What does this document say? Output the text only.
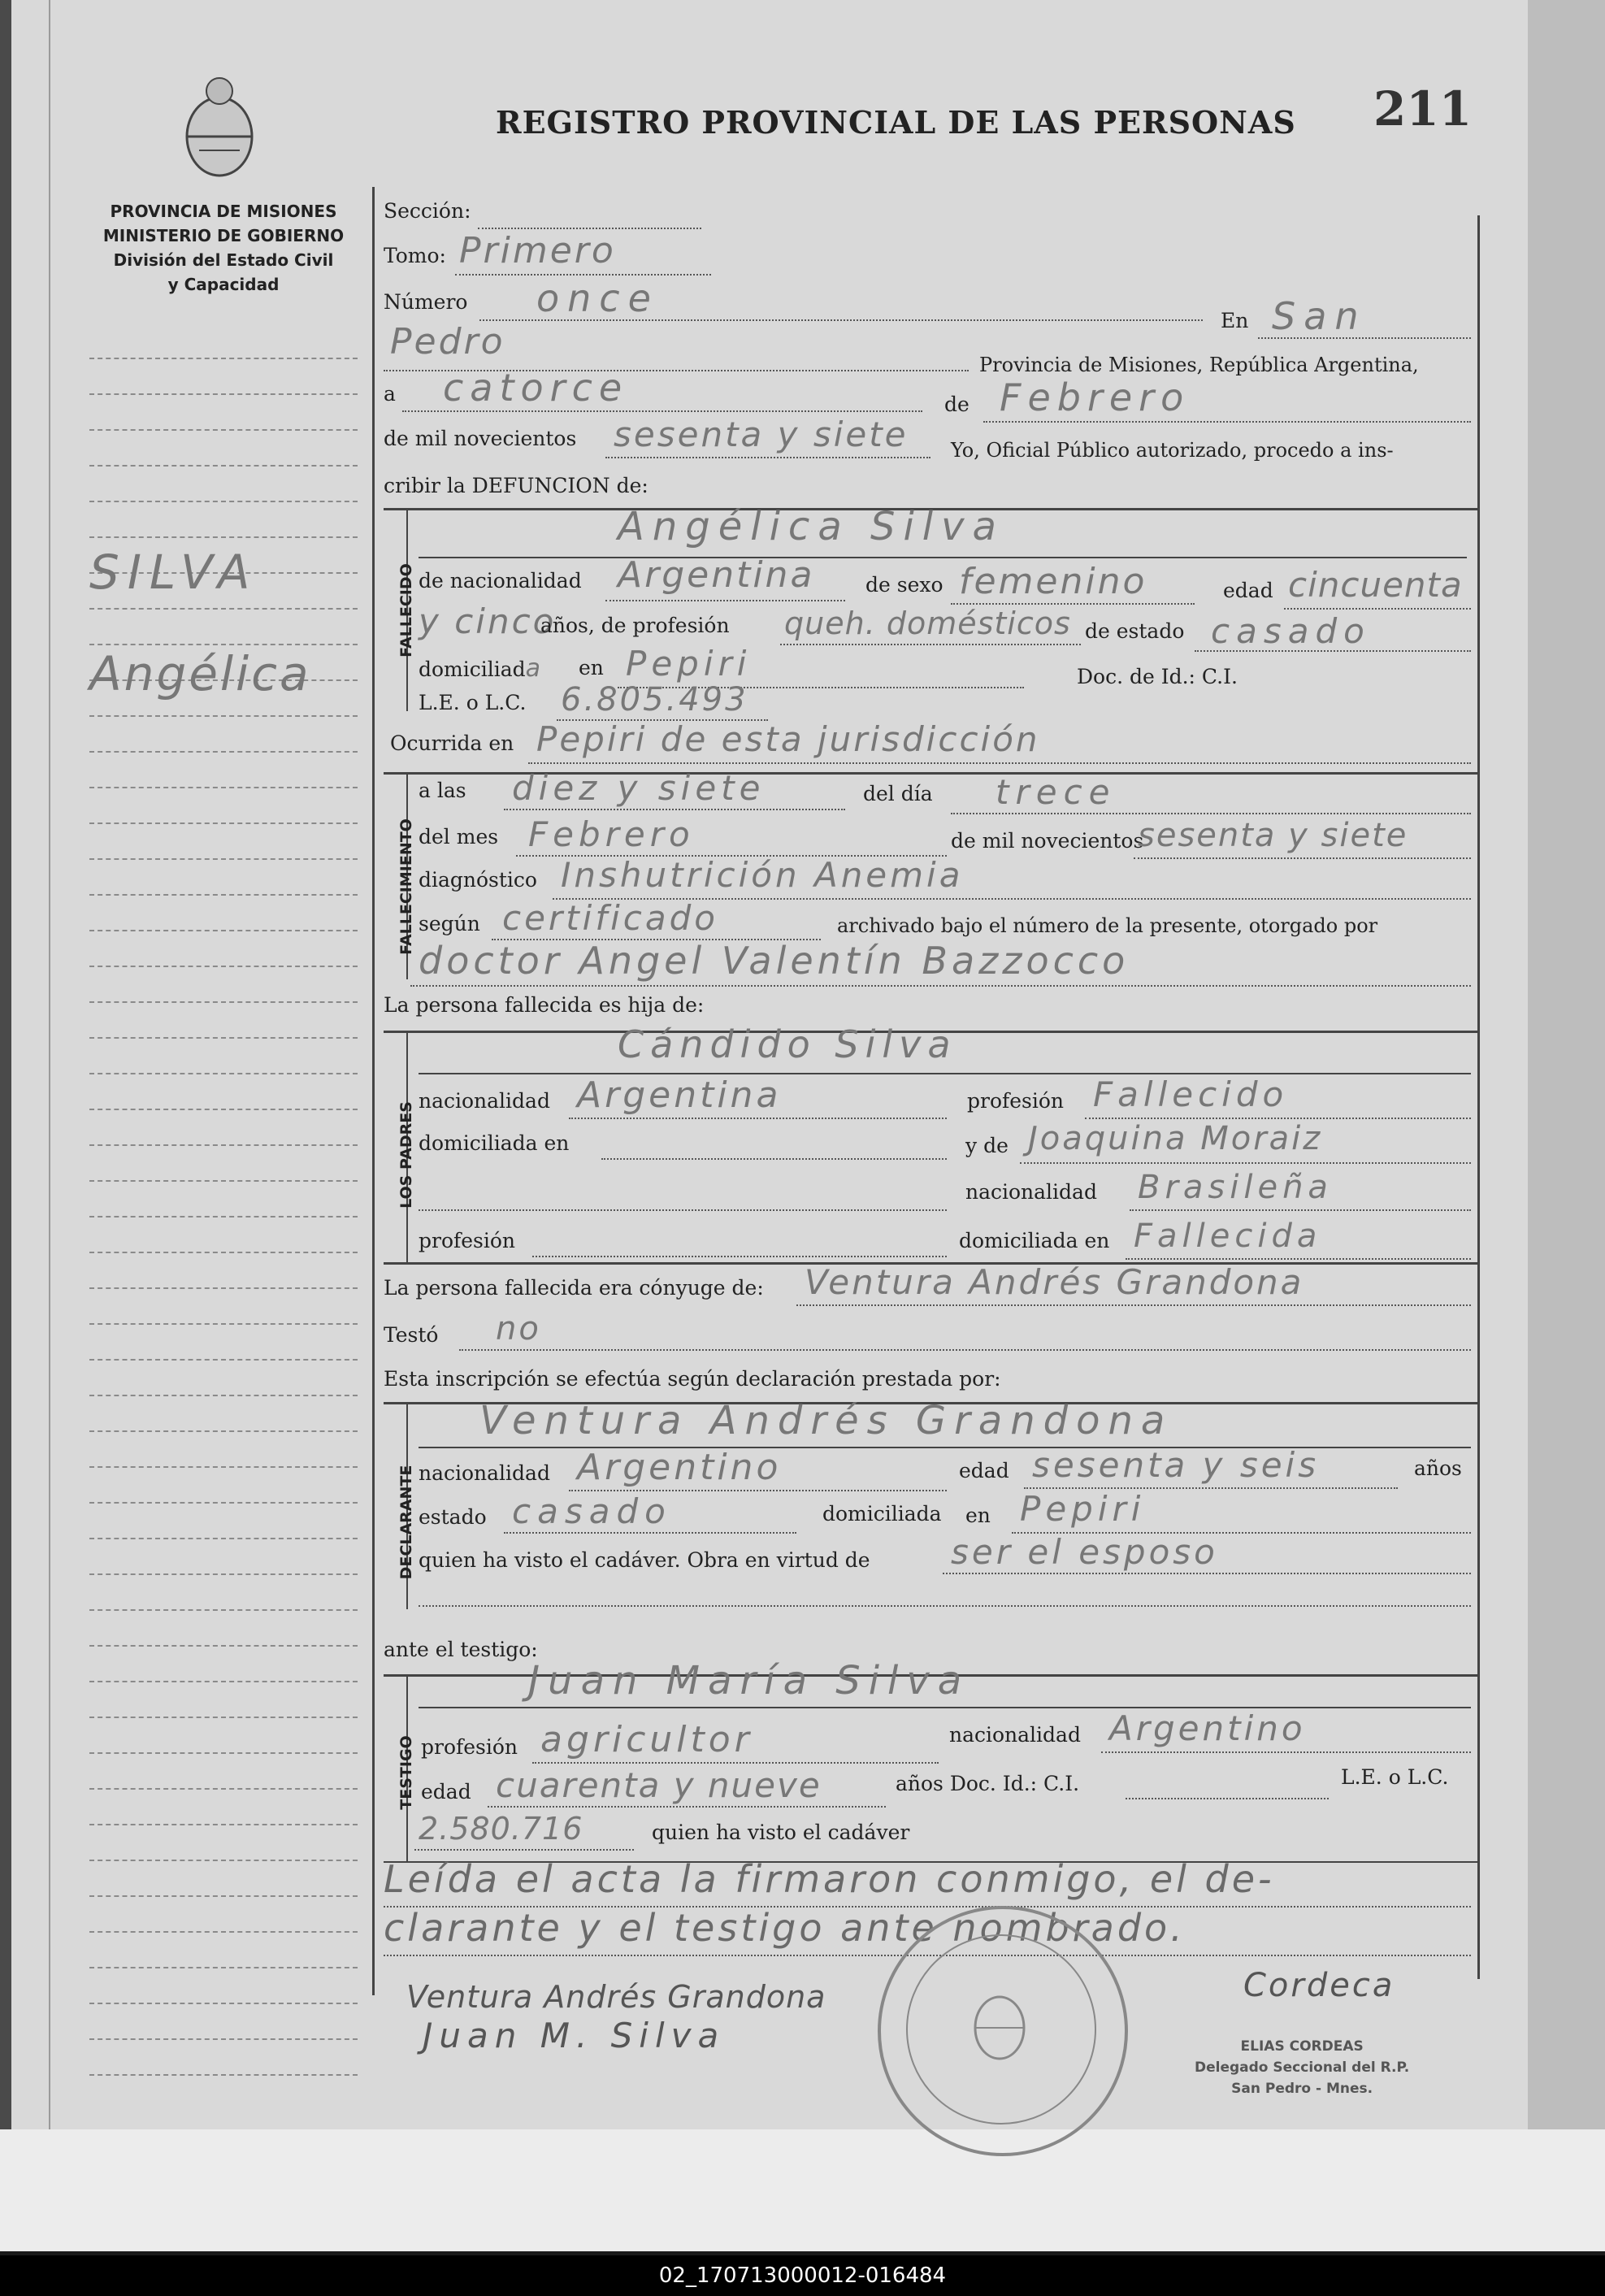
02_170713000012-016484
REGISTRO PROVINCIAL DE LAS PERSONAS 211
PROVINCIA DE MISIONES
MINISTERIO DE GOBIERNO
División del Estado Civil
y Capacidad
SILVA
Angélica
Sección:
Tomo: Primero
Número once
En San
Pedro
Provincia de Misiones, República Argentina,
a catorce	de Febrero
de mil novecientos sesenta y siete Yo, Oficial Público autorizado, procedo a ins-
cribir la DEFUNCION de:
FALLECIDO
Angélica Silva
de nacionalidad Argentina	de sexo femenino	edad cincuenta
y cinco
años, de profesión queh. domésticos de estado casado
domiciliada en Pepiri	Doc. de Id.: C.I.
L.E. o L.C. 6.805.493
Ocurrida en Pepiri de esta jurisdicción
FALLECIMIENTO
a las diez y siete	del día trece
del mes Febrero	de mil novecientos
sesenta y siete
diagnóstico Inshutrición Anemia
según certificado	archivado bajo el número de la presente, otorgado por
doctor Angel Valentín Bazzocco
La persona fallecida es hija de:
LOS PADRES
Cándido Silva
nacionalidad Argentina	profesión Fallecido
domiciliada en	y de Joaquina Moraiz
nacionalidad Brasileña
profesión	domiciliada en Fallecida
La persona fallecida era cónyuge de: Ventura Andrés Grandona
Testó no
Esta inscripción se efectúa según declaración prestada por:
DECLARANTE
Ventura Andrés Grandona
nacionalidad Argentino	edad sesenta y seis	años
estado casado	domiciliada en Pepiri
quien ha visto el cadáver. Obra en virtud de ser el esposo
ante el testigo:
TESTIGO
Juan María Silva
profesión agricultor	nacionalidad Argentino
edad cuarenta y nueve	años Doc. Id.: C.I.	L.E. o L.C.
2.580.716	quien ha visto el cadáver
Leída el acta la firmaron conmigo, el de-
clarante y el testigo ante nombrado.
Ventura Andrés Grandona
Juan M. Silva
Cordeca
ELIAS CORDEAS
Delegado Seccional del R.P.
San Pedro - Mnes.
